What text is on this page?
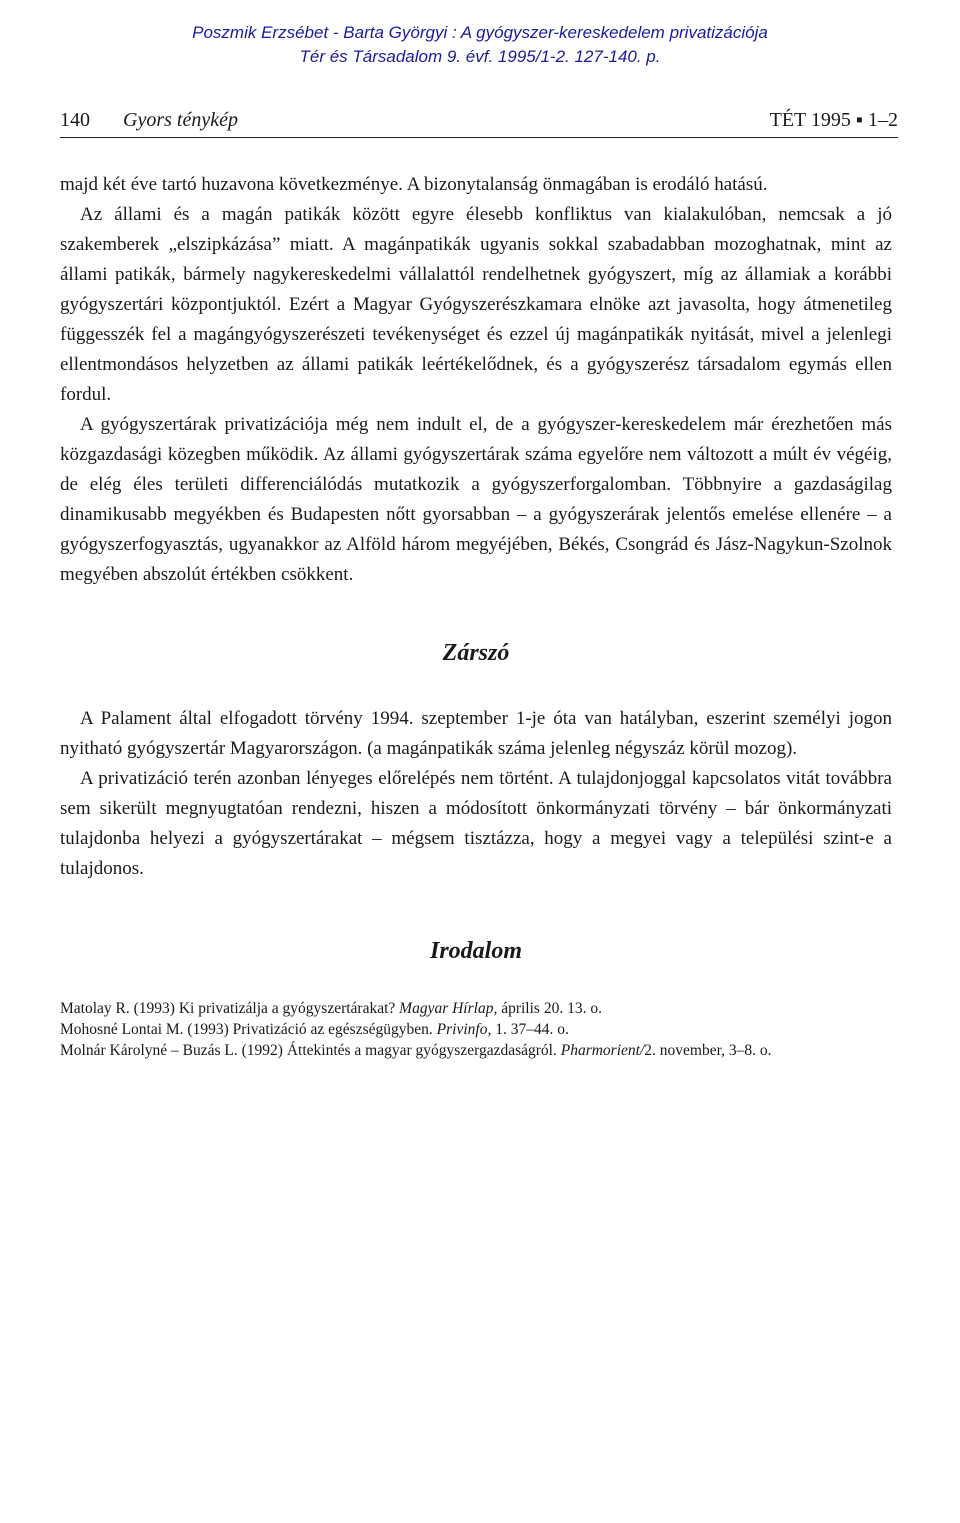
Poszmik Erzsébet - Barta Györgyi : A gyógyszer-kereskedelem privatizációja
Tér és Társadalom 9. évf. 1995/1-2. 127-140. p.
140 Gyors ténykép	TÉT 1995 ▪ 1–2

majd két éve tartó huzavona következménye. A bizonytalanság önmagában is erodáló hatású.

Az állami és a magán patikák között egyre élesebb konfliktus van kialakulóban, nemcsak a jó szakemberek „elszipkázása” miatt. A magánpatikák ugyanis sokkal szabadabban mozoghatnak, mint az állami patikák, bármely nagykereskedelmi vállalattól rendelhetnek gyógyszert, míg az államiak a korábbi gyógyszertári központjuktól. Ezért a Magyar Gyógyszerészkamara elnöke azt javasolta, hogy átmenetileg függesszék fel a magángyógyszerészeti tevékenységet és ezzel új magánpatikák nyitását, mivel a jelenlegi ellentmondásos helyzetben az állami patikák leértékelődnek, és a gyógyszerész társadalom egymás ellen fordul.

A gyógyszertárak privatizációja még nem indult el, de a gyógyszer-kereskedelem már érezhetően más közgazdasági közegben működik. Az állami gyógyszertárak száma egyelőre nem változott a múlt év végéig, de elég éles területi differenciálódás mutatkozik a gyógyszerforgalomban. Többnyire a gazdaságilag dinamikusabb megyékben és Budapesten nőtt gyorsabban – a gyógyszerárak jelentős emelése ellenére – a gyógyszerfogyasztás, ugyanakkor az Alföld három megyéjében, Békés, Csongrád és Jász-Nagykun-Szolnok megyében abszolút értékben csökkent.

Zárszó

A Palament által elfogadott törvény 1994. szeptember 1-je óta van hatályban, eszerint személyi jogon nyitható gyógyszertár Magyarországon. (a magánpatikák száma jelenleg négyszáz körül mozog).

A privatizáció terén azonban lényeges előrelépés nem történt. A tulajdonjoggal kapcsolatos vitát továbbra sem sikerült megnyugtatóan rendezni, hiszen a módosított önkormányzati törvény – bár önkormányzati tulajdonba helyezi a gyógyszertárakat – mégsem tisztázza, hogy a megyei vagy a települési szint-e a tulajdonos.

Irodalom

Matolay R. (1993) Ki privatizálja a gyógyszertárakat? Magyar Hírlap, április 20. 13. o.

Mohosné Lontai M. (1993) Privatizáció az egészségügyben. Privinfo, 1. 37–44. o.

Molnár Károlyné – Buzás L. (1992) Áttekintés a magyar gyógyszergazdaságról. Pharmorient/2. november, 3–8. o.
